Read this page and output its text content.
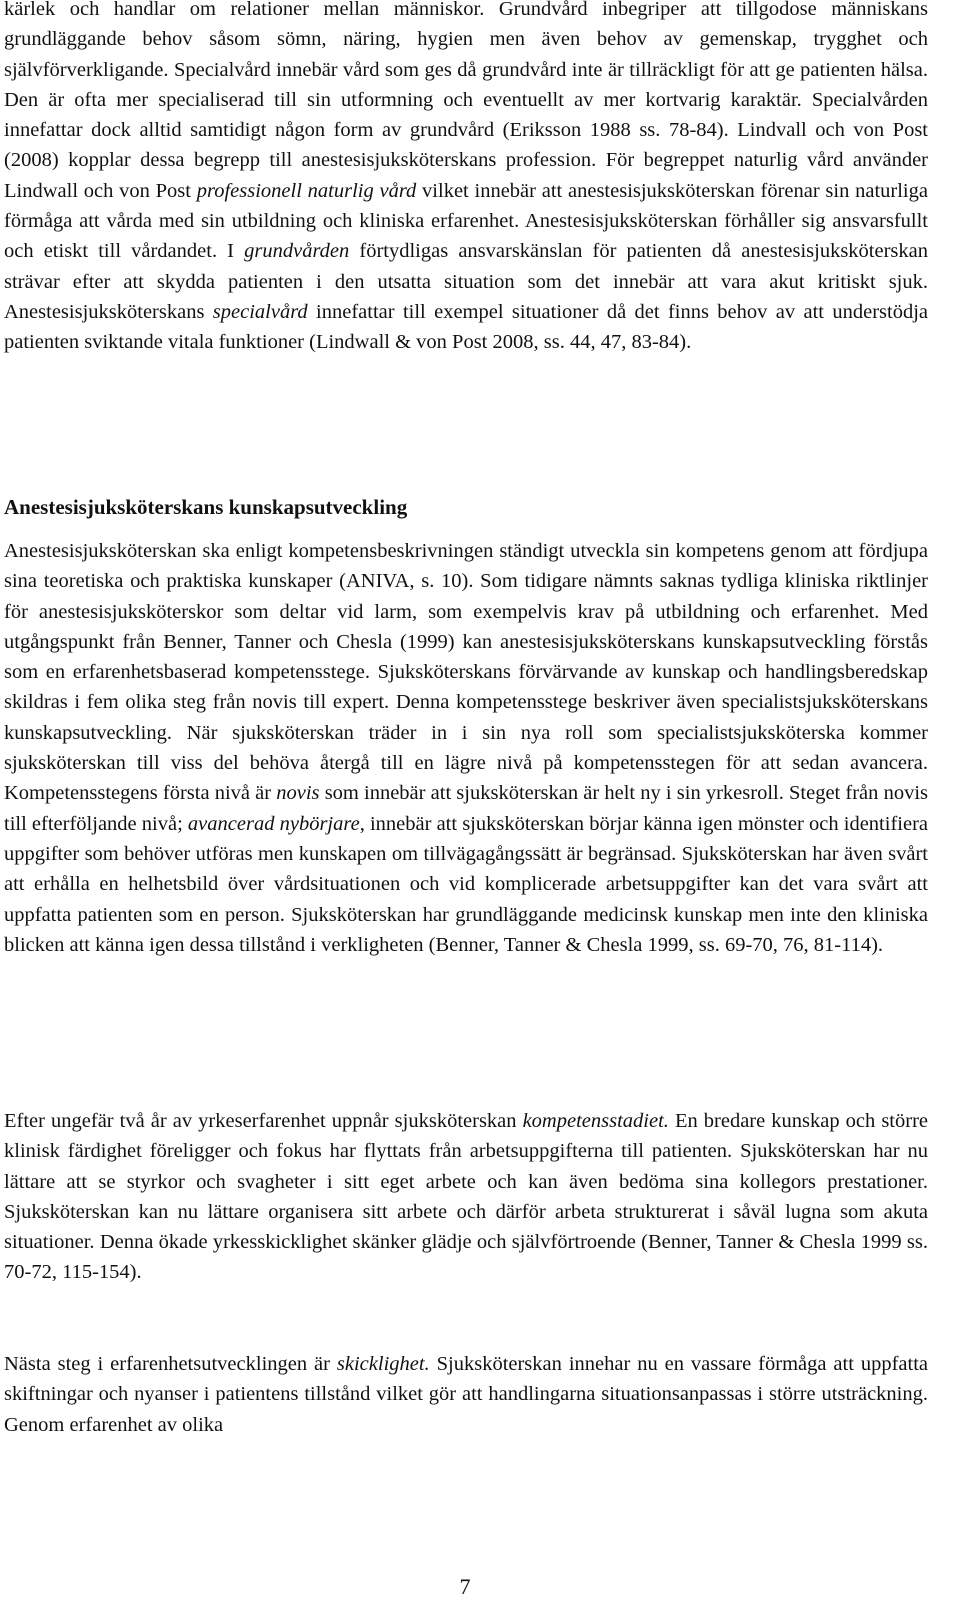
kärlek och handlar om relationer mellan människor. Grundvård inbegriper att tillgodose människans grundläggande behov såsom sömn, näring, hygien men även behov av gemenskap, trygghet och självförverkligande. Specialvård innebär vård som ges då grundvård inte är tillräckligt för att ge patienten hälsa. Den är ofta mer specialiserad till sin utformning och eventuellt av mer kortvarig karaktär. Specialvården innefattar dock alltid samtidigt någon form av grundvård (Eriksson 1988 ss. 78-84). Lindvall och von Post (2008) kopplar dessa begrepp till anestesisjuksköterskans profession. För begreppet naturlig vård använder Lindwall och von Post professionell naturlig vård vilket innebär att anestesisjuksköterskan förenar sin naturliga förmåga att vårda med sin utbildning och kliniska erfarenhet. Anestesisjuksköterskan förhåller sig ansvarsfullt och etiskt till vårdandet. I grundvården förtydligas ansvarskänslan för patienten då anestesisjuksköterskan strävar efter att skydda patienten i den utsatta situation som det innebär att vara akut kritiskt sjuk. Anestesisjuksköterskans specialvård innefattar till exempel situationer då det finns behov av att understödja patienten sviktande vitala funktioner (Lindwall & von Post 2008, ss. 44, 47, 83-84).

Anestesisjuksköterskans kunskapsutveckling

Anestesisjuksköterskan ska enligt kompetensbeskrivningen ständigt utveckla sin kompetens genom att fördjupa sina teoretiska och praktiska kunskaper (ANIVA, s. 10). Som tidigare nämnts saknas tydliga kliniska riktlinjer för anestesisjuksköterskor som deltar vid larm, som exempelvis krav på utbildning och erfarenhet. Med utgångspunkt från Benner, Tanner och Chesla (1999) kan anestesisjuksköterskans kunskapsutveckling förstås som en erfarenhetsbaserad kompetensstege. Sjuksköterskans förvärvande av kunskap och handlingsberedskap skildras i fem olika steg från novis till expert. Denna kompetensstege beskriver även specialistsjuksköterskans kunskapsutveckling. När sjuksköterskan träder in i sin nya roll som specialistsjuksköterska kommer sjuksköterskan till viss del behöva återgå till en lägre nivå på kompetensstegen för att sedan avancera. Kompetensstegens första nivå är novis som innebär att sjuksköterskan är helt ny i sin yrkesroll. Steget från novis till efterföljande nivå; avancerad nybörjare, innebär att sjuksköterskan börjar känna igen mönster och identifiera uppgifter som behöver utföras men kunskapen om tillvägagångssätt är begränsad. Sjuksköterskan har även svårt att erhålla en helhetsbild över vårdsituationen och vid komplicerade arbetsuppgifter kan det vara svårt att uppfatta patienten som en person. Sjuksköterskan har grundläggande medicinsk kunskap men inte den kliniska blicken att känna igen dessa tillstånd i verkligheten (Benner, Tanner & Chesla 1999, ss. 69-70, 76, 81-114).

Efter ungefär två år av yrkeserfarenhet uppnår sjuksköterskan kompetensstadiet. En bredare kunskap och större klinisk färdighet föreligger och fokus har flyttats från arbetsuppgifterna till patienten. Sjuksköterskan har nu lättare att se styrkor och svagheter i sitt eget arbete och kan även bedöma sina kollegors prestationer. Sjuksköterskan kan nu lättare organisera sitt arbete och därför arbeta strukturerat i såväl lugna som akuta situationer. Denna ökade yrkesskicklighet skänker glädje och självförtroende (Benner, Tanner & Chesla 1999 ss. 70-72, 115-154).

Nästa steg i erfarenhetsutvecklingen är skicklighet. Sjuksköterskan innehar nu en vassare förmåga att uppfatta skiftningar och nyanser i patientens tillstånd vilket gör att handlingarna situationsanpassas i större utsträckning. Genom erfarenhet av olika

7
